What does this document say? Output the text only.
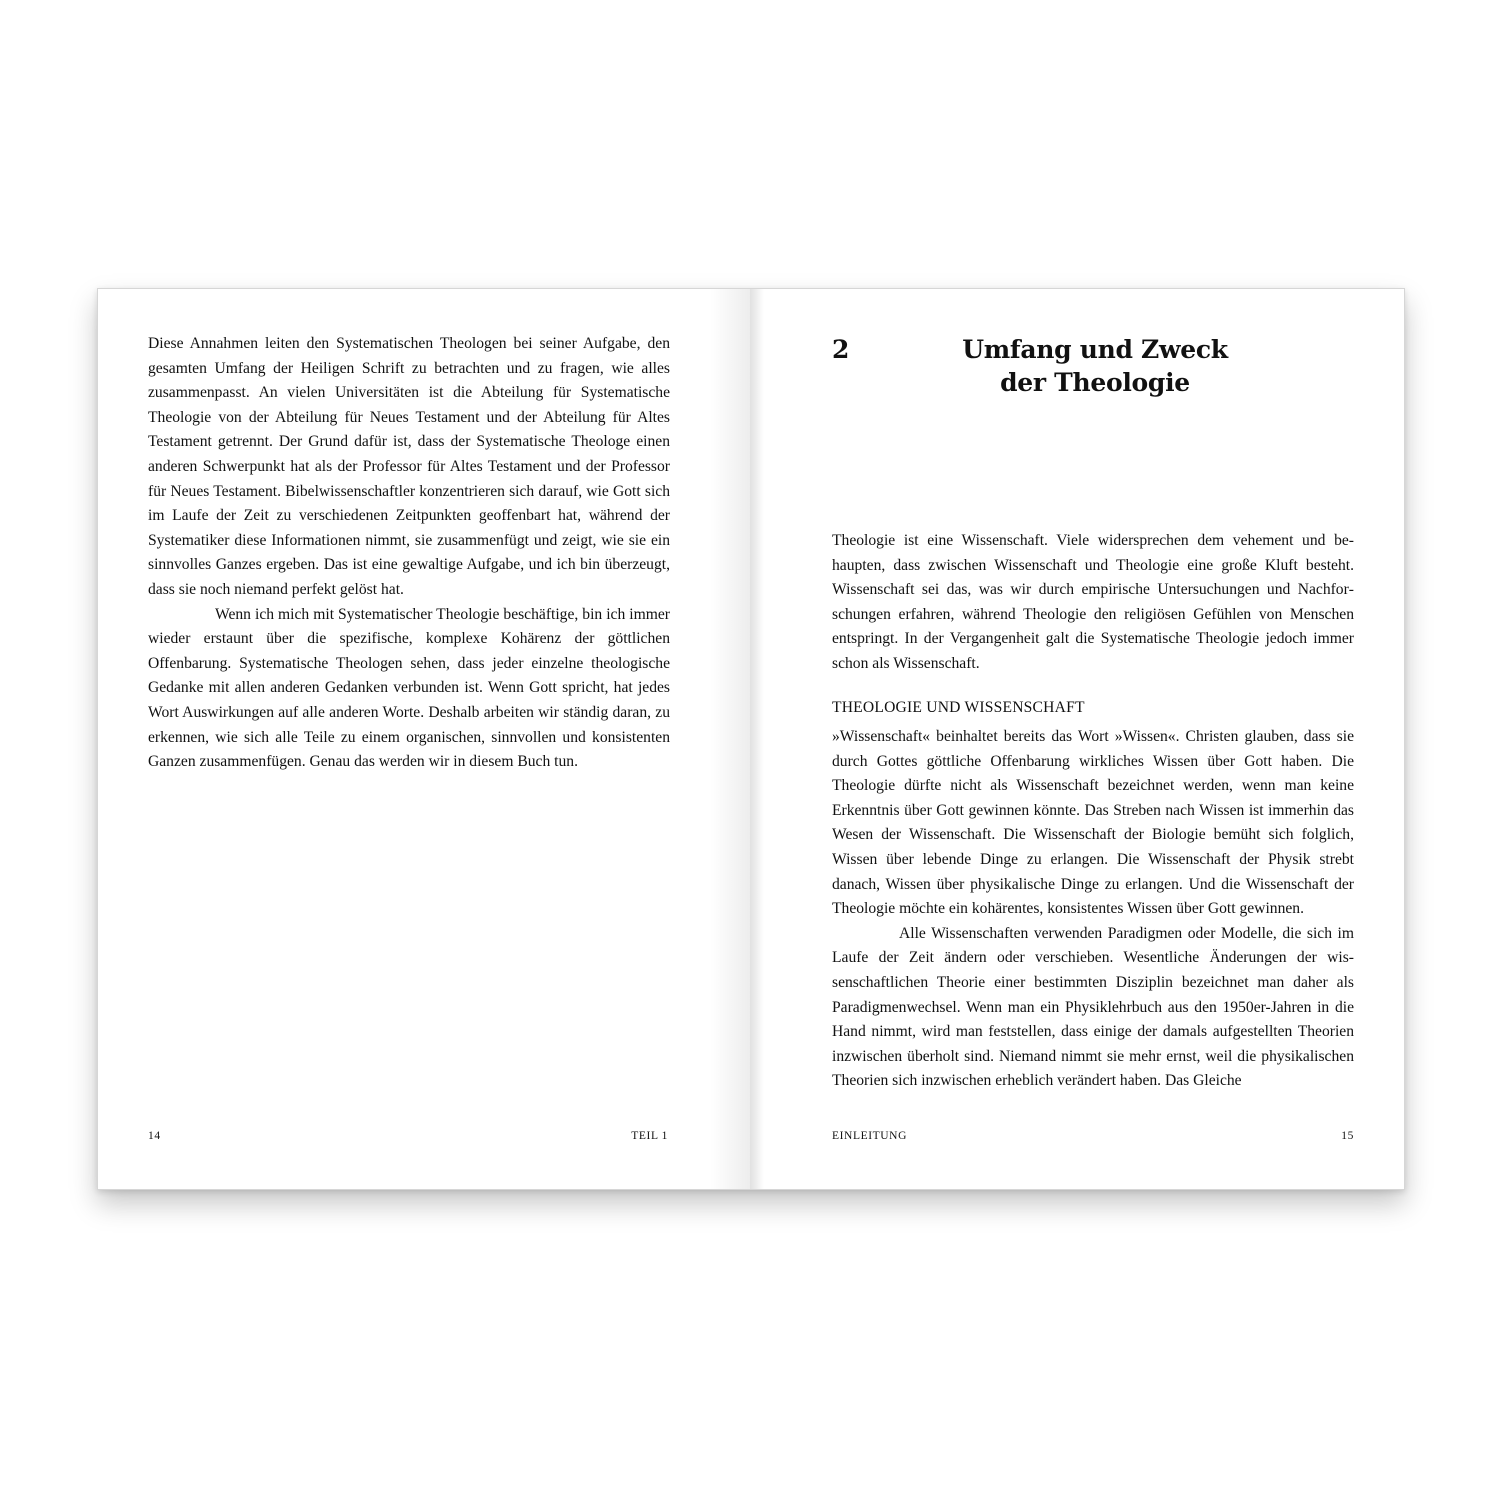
Diese Annahmen leiten den Systematischen Theologen bei seiner Aufgabe, den gesamten Umfang der Heiligen Schrift zu betrachten und zu fragen, wie alles zusammenpasst. An vielen Universitäten ist die Abteilung für Systematische Theologie von der Abteilung für Neues Testament und der Abteilung für Altes Testament getrennt. Der Grund dafür ist, dass der Systematische Theologe einen anderen Schwerpunkt hat als der Professor für Altes Testament und der Professor für Neues Testament. Bibelwissenschaftler konzentrieren sich darauf, wie Gott sich im Laufe der Zeit zu verschiedenen Zeitpunkten geoffenbart hat, während der Systematiker diese Informationen nimmt, sie zusammenfügt und zeigt, wie sie ein sinnvolles Ganzes ergeben. Das ist eine gewaltige Aufgabe, und ich bin überzeugt, dass sie noch niemand perfekt gelöst hat.

Wenn ich mich mit Systematischer Theologie beschäftige, bin ich immer wieder erstaunt über die spezifische, komplexe Kohärenz der göttlichen Offenbarung. Systematische Theologen sehen, dass jeder einzelne theologische Gedanke mit allen anderen Gedanken verbunden ist. Wenn Gott spricht, hat jedes Wort Auswirkungen auf alle anderen Worte. Deshalb arbeiten wir ständig daran, zu erkennen, wie sich alle Teile zu einem organischen, sinnvollen und konsistenten Ganzen zusammenfügen. Genau das werden wir in diesem Buch tun.

14	TEIL 1
2	Umfang und Zweck
der Theologie

Theologie ist eine Wissenschaft. Viele widersprechen dem vehement und behaupten, dass zwischen Wissenschaft und Theologie eine große Kluft besteht. Wissenschaft sei das, was wir durch empirische Untersuchungen und Nachforschungen erfahren, während Theologie den religiösen Gefühlen von Menschen entspringt. In der Vergangenheit galt die Systematische Theologie jedoch immer schon als Wissenschaft.

THEOLOGIE UND WISSENSCHAFT

»Wissenschaft« beinhaltet bereits das Wort »Wissen«. Christen glauben, dass sie durch Gottes göttliche Offenbarung wirkliches Wissen über Gott haben. Die Theologie dürfte nicht als Wissenschaft bezeichnet werden, wenn man keine Erkenntnis über Gott gewinnen könnte. Das Streben nach Wissen ist immerhin das Wesen der Wissenschaft. Die Wissenschaft der Biologie bemüht sich folglich, Wissen über lebende Dinge zu erlangen. Die Wissenschaft der Physik strebt danach, Wissen über physikalische Dinge zu erlangen. Und die Wissenschaft der Theologie möchte ein kohärentes, konsistentes Wissen über Gott gewinnen.

Alle Wissenschaften verwenden Paradigmen oder Modelle, die sich im Laufe der Zeit ändern oder verschieben. Wesentliche Änderungen der wissenschaftlichen Theorie einer bestimmten Disziplin bezeichnet man daher als Paradigmenwechsel. Wenn man ein Physiklehrbuch aus den 1950er-Jahren in die Hand nimmt, wird man feststellen, dass einige der damals aufgestellten Theorien inzwischen überholt sind. Niemand nimmt sie mehr ernst, weil die physikalischen Theorien sich inzwischen erheblich verändert haben. Das Gleiche

EINLEITUNG	15
